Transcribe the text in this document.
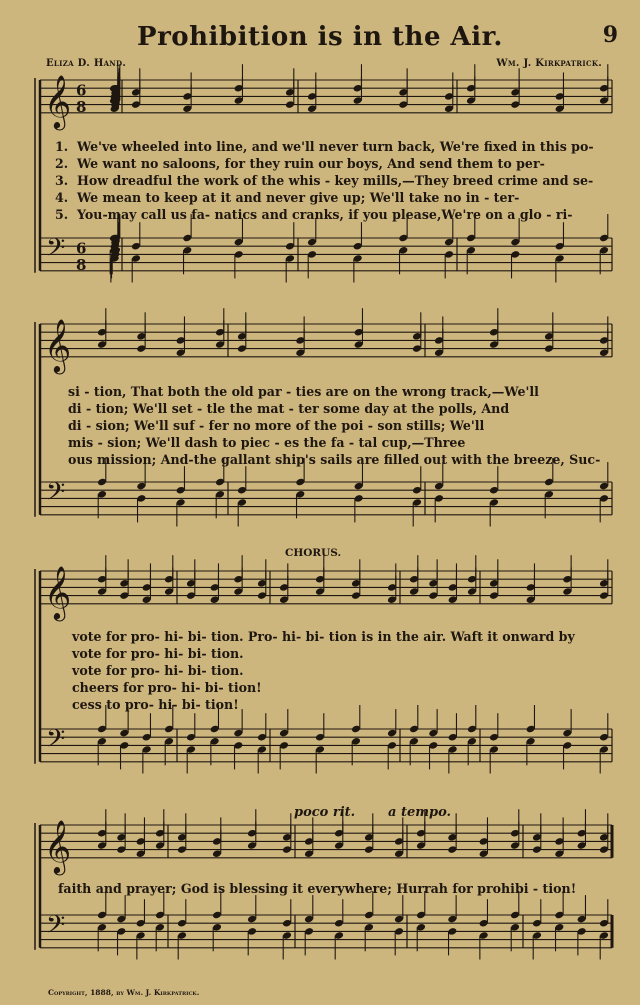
𝄞
𝄢
6
6
8
8
𝄞
𝄢
𝄞
𝄢
𝄞
𝄢
Prohibition is in the Air.	9
Eliza D. Hand.	Wm. J. Kirkpatrick.
1. We've wheeled into line, and we'll never turn back, We're fixed in this po-
2. We want no saloons, for they ruin our boys, And send them to per-
3. How dreadful the work of the whis - key mills,—They breed crime and se-
4. We mean to keep at it and never give up; We'll take no in - ter-
5. You-may call us fa- natics and cranks, if you please,We're on a glo - ri-
si - tion, That both the old par - ties are on the wrong track,—We'll
di - tion; We'll set - tle the mat - ter some day at the polls, And
di - sion; We'll suf - fer no more of the poi - son stills; We'll
mis - sion; We'll dash to piec - es the fa - tal cup,—Three
ous mission; And-the gallant ship's sails are filled out with the breeze, Suc-
CHORUS.
vote for pro- hi- bi- tion. Pro- hi- bi- tion is in the air. Waft it onward by
vote for pro- hi- bi- tion.
vote for pro- hi- bi- tion.
cheers for pro- hi- bi- tion!
cess to pro- hi- bi- tion!
poco rit.	a tempo.
faith and prayer; God is blessing it everywhere; Hurrah for prohibi - tion!
Copyright, 1888, by Wm. J. Kirkpatrick.
